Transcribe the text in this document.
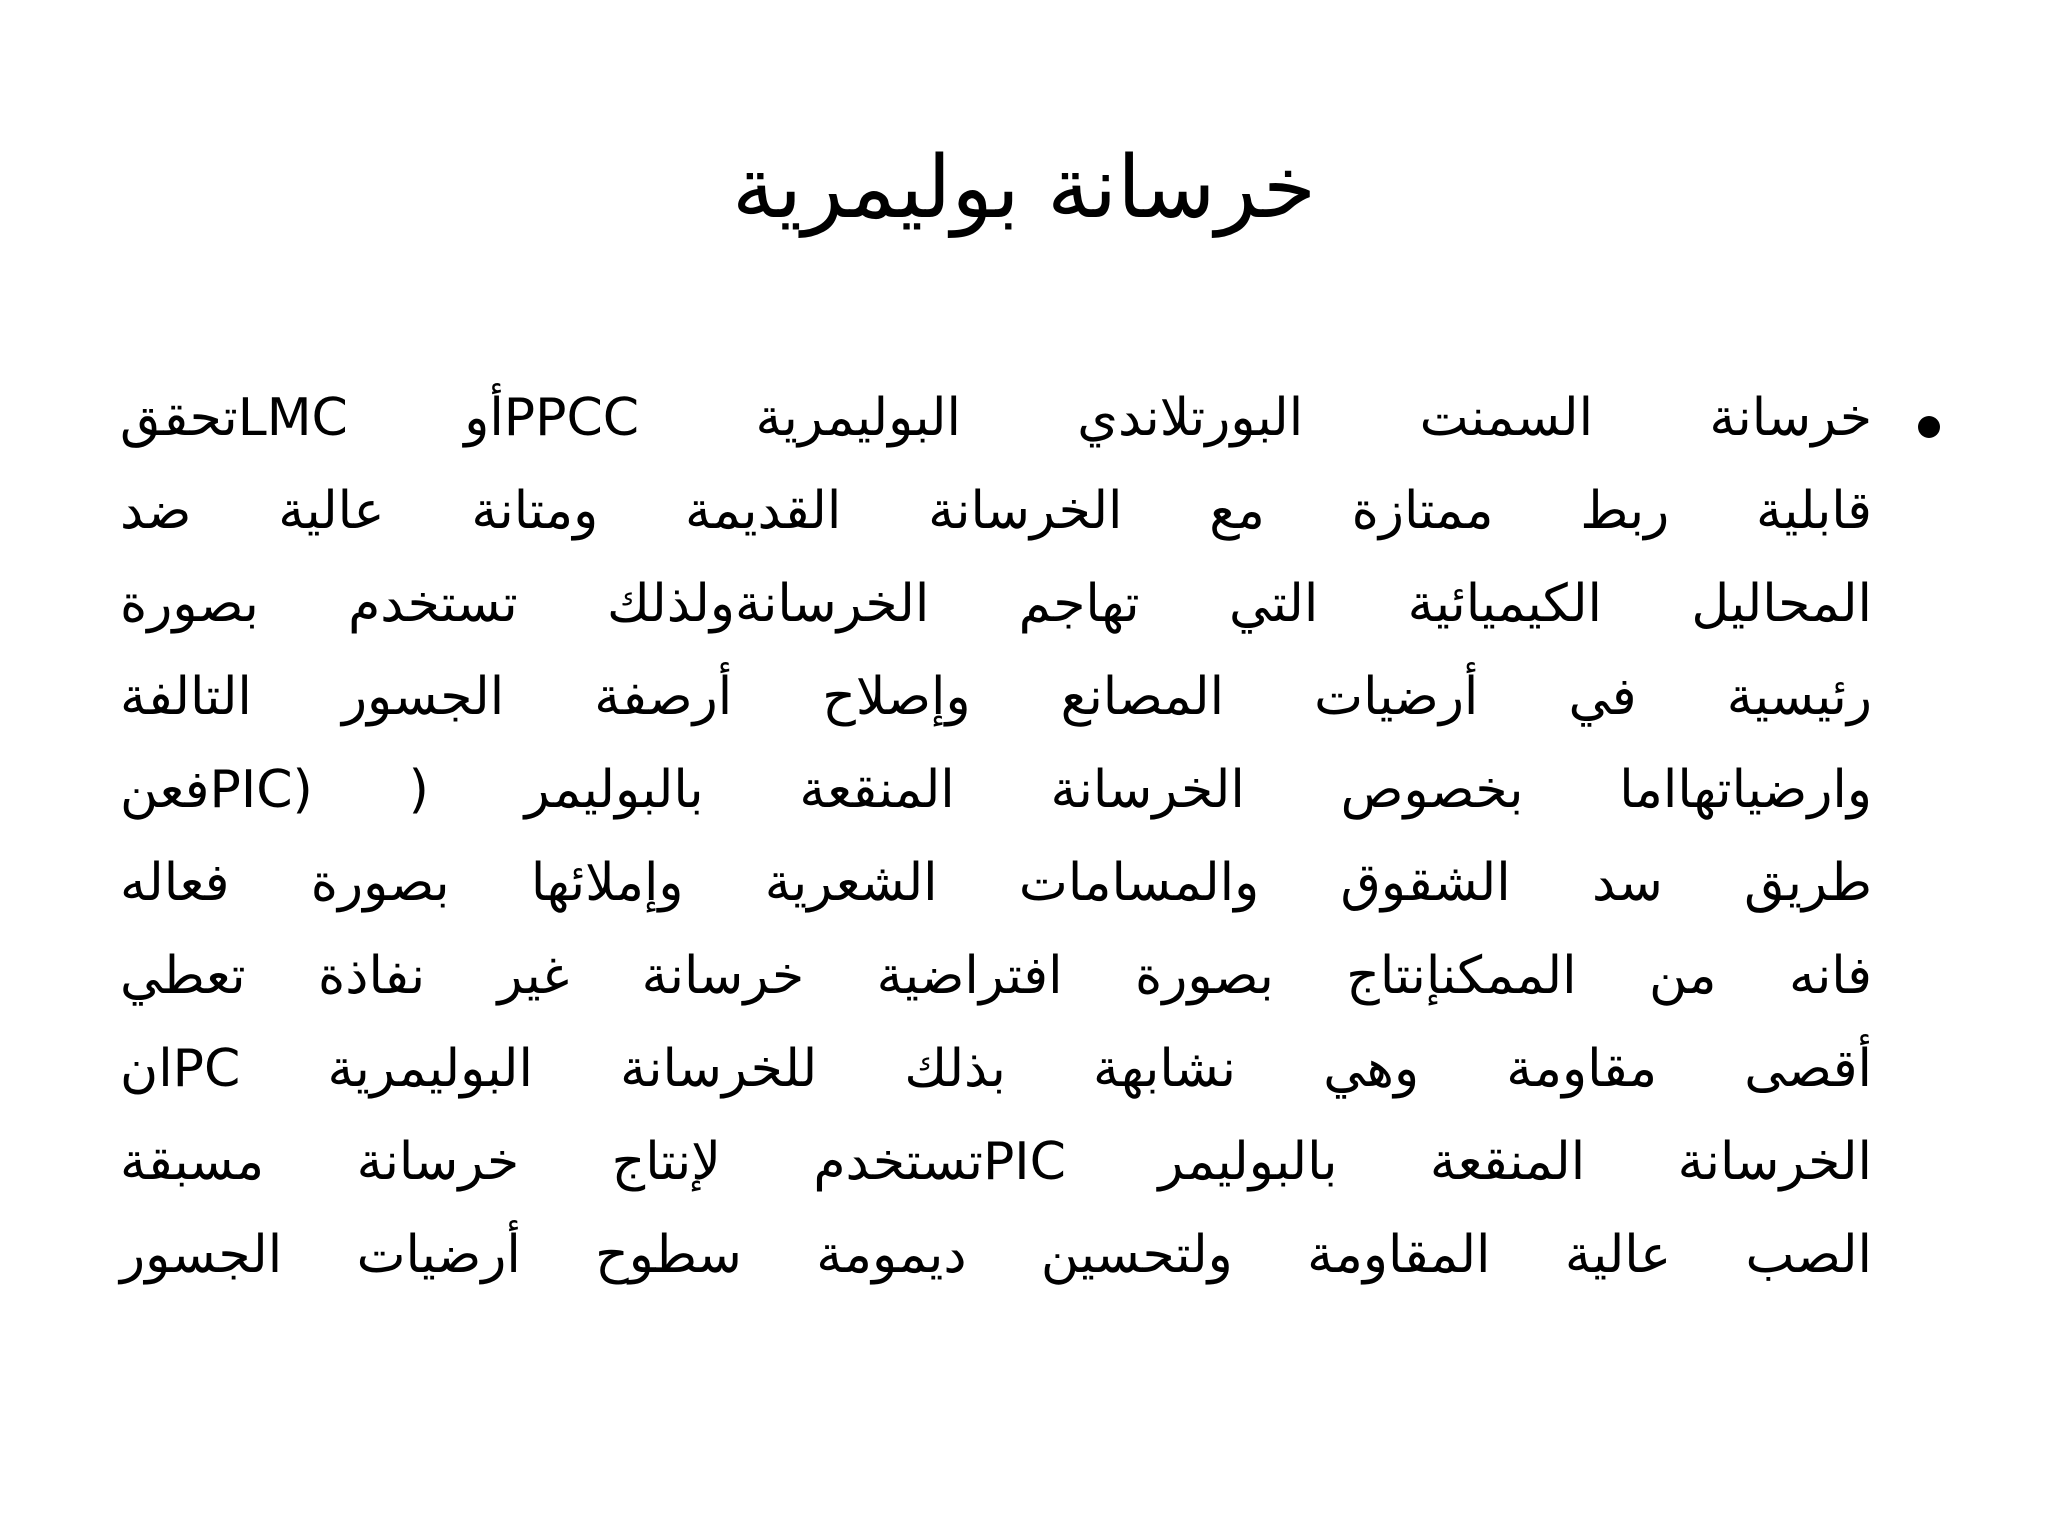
خرسانة بوليمرية
خرسانة السمنت البورتلاندي البوليمرية PPCCأو LMCتحقق
قابلية ربط ممتازة مع الخرسانة القديمة ومتانة عالية ضد
المحاليل الكيميائية التي تهاجم الخرسانةولذلك تستخدم بصورة
رئيسية في أرضيات المصانع وإصلاح أرصفة الجسور التالفة
وارضياتهااما بخصوص الخرسانة المنقعة بالبوليمر ( (PICفعن
طريق سد الشقوق والمسامات الشعرية وإملائها بصورة فعاله
فانه من الممكنإنتاج بصورة افتراضية خرسانة غير نفاذة تعطي
أقصى مقاومة وهي نشابهة بذلك للخرسانة البوليمرية PCان
الخرسانة المنقعة بالبوليمر PICتستخدم لإنتاج خرسانة مسبقة
الصب عالية المقاومة ولتحسين ديمومة سطوح أرضيات الجسور
